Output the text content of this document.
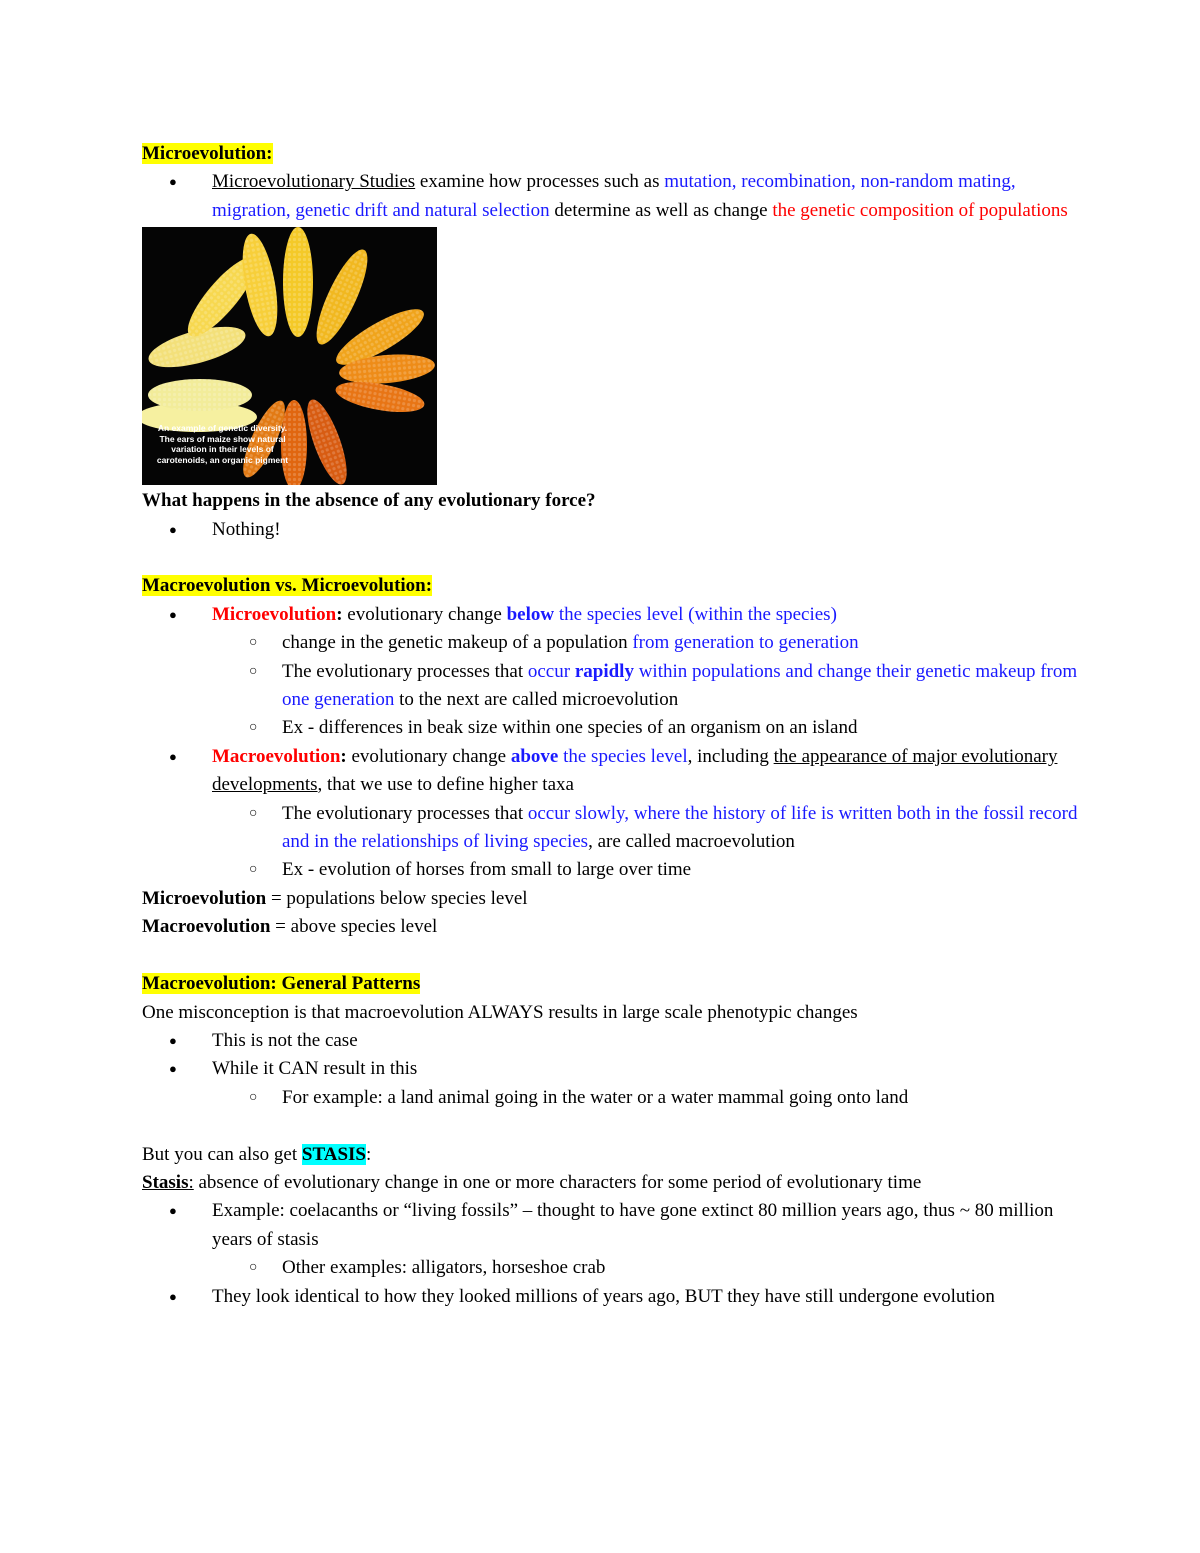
Microevolution:
● Microevolutionary Studies examine how processes such as mutation, recombination, non-random mating, migration, genetic drift and natural selection determine as well as change the genetic composition of populations
An example of genetic diversity. The ears of maize show natural variation in their levels of carotenoids, an organic pigment
What happens in the absence of any evolutionary force?
● Nothing!
Macroevolution vs. Microevolution:
● Microevolution: evolutionary change below the species level (within the species)
○ change in the genetic makeup of a population from generation to generation
○ The evolutionary processes that occur rapidly within populations and change their genetic makeup from one generation to the next are called microevolution
○ Ex - differences in beak size within one species of an organism on an island
● Macroevolution: evolutionary change above the species level, including the appearance of major evolutionary developments, that we use to define higher taxa
○ The evolutionary processes that occur slowly, where the history of life is written both in the fossil record and in the relationships of living species, are called macroevolution
○ Ex - evolution of horses from small to large over time
Microevolution = populations below species level
Macroevolution = above species level
Macroevolution: General Patterns
One misconception is that macroevolution ALWAYS results in large scale phenotypic changes
● This is not the case
● While it CAN result in this
○ For example: a land animal going in the water or a water mammal going onto land
But you can also get STASIS:
Stasis: absence of evolutionary change in one or more characters for some period of evolutionary time
● Example: coelacanths or “living fossils” – thought to have gone extinct 80 million years ago, thus ~ 80 million years of stasis
○ Other examples: alligators, horseshoe crab
● They look identical to how they looked millions of years ago, BUT they have still undergone evolution
